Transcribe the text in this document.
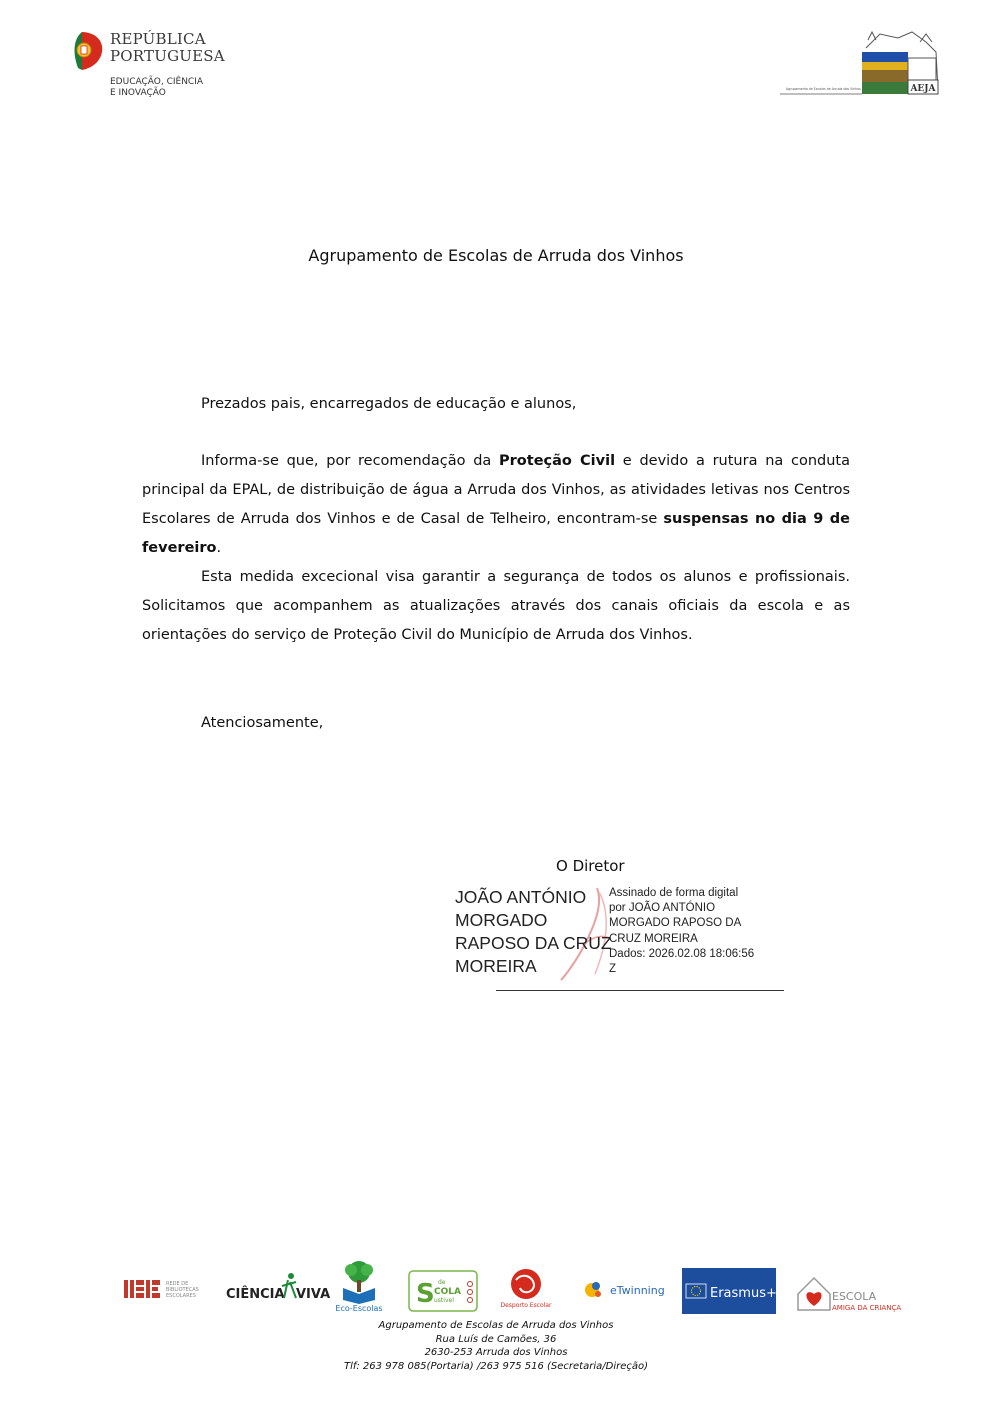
REPÚBLICA
PORTUGUESA
EDUCAÇÃO, CIÊNCIA
E INOVAÇÃO	AEJA
Agrupamento de Escolas de Arruda dos Vinhos
Agrupamento de Escolas de Arruda dos Vinhos
Prezados pais, encarregados de educação e alunos,

Informa-se que, por recomendação da Proteção Civil e devido a rutura na conduta principal da EPAL, de distribuição de água a Arruda dos Vinhos, as atividades letivas nos Centros Escolares de Arruda dos Vinhos e de Casal de Telheiro, encontram-se suspensas no dia 9 de fevereiro.

Esta medida excecional visa garantir a segurança de todos os alunos e profissionais. Solicitamos que acompanhem as atualizações através dos canais oficiais da escola e as orientações do serviço de Proteção Civil do Município de Arruda dos Vinhos.

Atenciosamente,
O Diretor
JOÃO ANTÓNIO
MORGADO
RAPOSO DA CRUZ
MOREIRA
Assinado de forma digital
por JOÃO ANTÓNIO
MORGADO RAPOSO DA
CRUZ MOREIRA
Dados: 2026.02.08 18:06:56
Z
REDE DE
BIBLIOTECAS
ESCOLARES CIÊNCIA VIVA
Eco-Escolas S de
COLA
ustivel
Desporto Escolar
eTwinning	Erasmus+	ESCOLA
AMIGA DA CRIANÇA
Agrupamento de Escolas de Arruda dos Vinhos
Rua Luís de Camões, 36
2630-253 Arruda dos Vinhos
Tlf: 263 978 085(Portaria) /263 975 516 (Secretaria/Direção)
